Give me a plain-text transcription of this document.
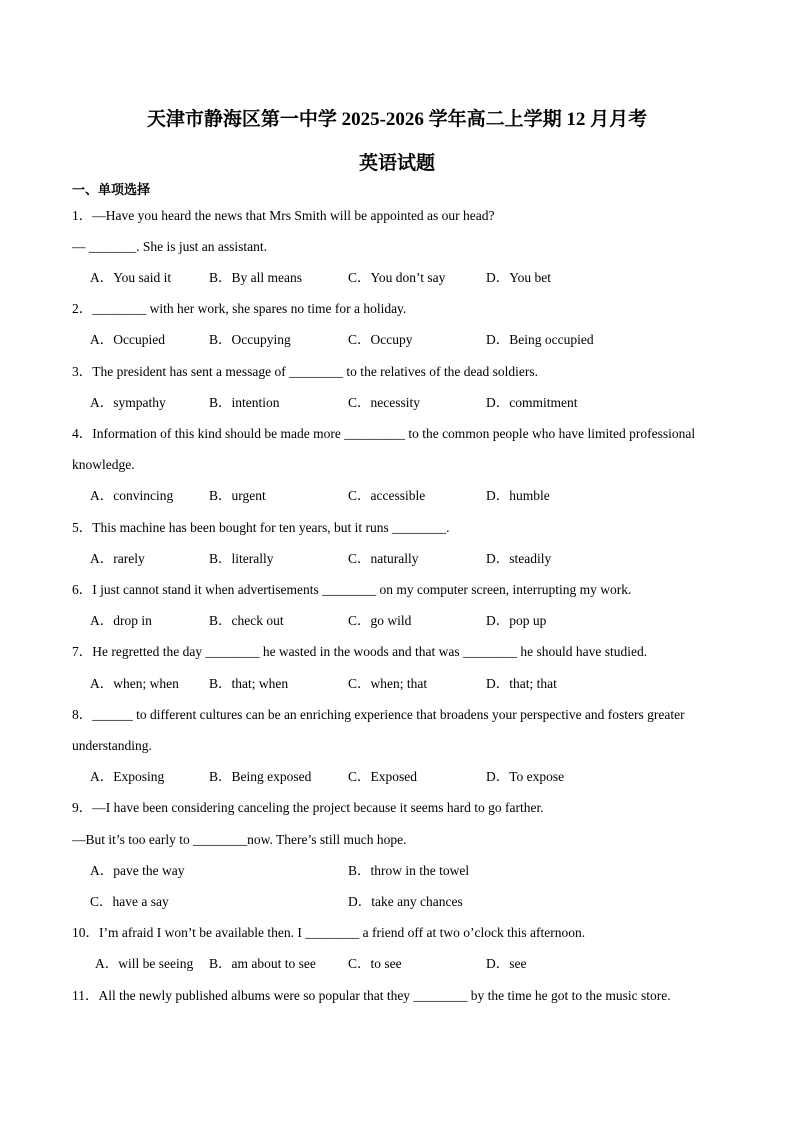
天津市静海区第一中学 2025-2026 学年高二上学期 12 月月考
英语试题
一、单项选择
1．—Have you heard the news that Mrs Smith will be appointed as our head?
— _______. She is just an assistant.
A．You said it	B．By all means	C．You don’t say	D．You bet
2．________ with her work, she spares no time for a holiday.
A．Occupied	B．Occupying	C．Occupy	D．Being occupied
3．The president has sent a message of ________ to the relatives of the dead soldiers.
A．sympathy	B．intention	C．necessity	D．commitment
4．Information of this kind should be made more _________ to the common people who have limited professional
knowledge.
A．convincing	B．urgent	C．accessible	D．humble
5．This machine has been bought for ten years, but it runs ________.
A．rarely	B．literally	C．naturally	D．steadily
6．I just cannot stand it when advertisements ________ on my computer screen, interrupting my work.
A．drop in	B．check out	C．go wild	D．pop up
7．He regretted the day ________ he wasted in the woods and that was ________ he should have studied.
A．when; when B．that; when	C．when; that	D．that; that
8．______ to different cultures can be an enriching experience that broadens your perspective and fosters greater
understanding.
A．Exposing	B．Being exposed	C．Exposed	D．To expose
9．—I have been considering canceling the project because it seems hard to go farther.
—But it’s too early to ________now. There’s still much hope.
A．pave the way	B．throw in the towel
C．have a say	D．take any chances
10．I’m afraid I won’t be available then. I ________ a friend off at two o’clock this afternoon.
A．will be seeing B．am about to see C．to see	D．see
11．All the newly published albums were so popular that they ________ by the time he got to the music store.
